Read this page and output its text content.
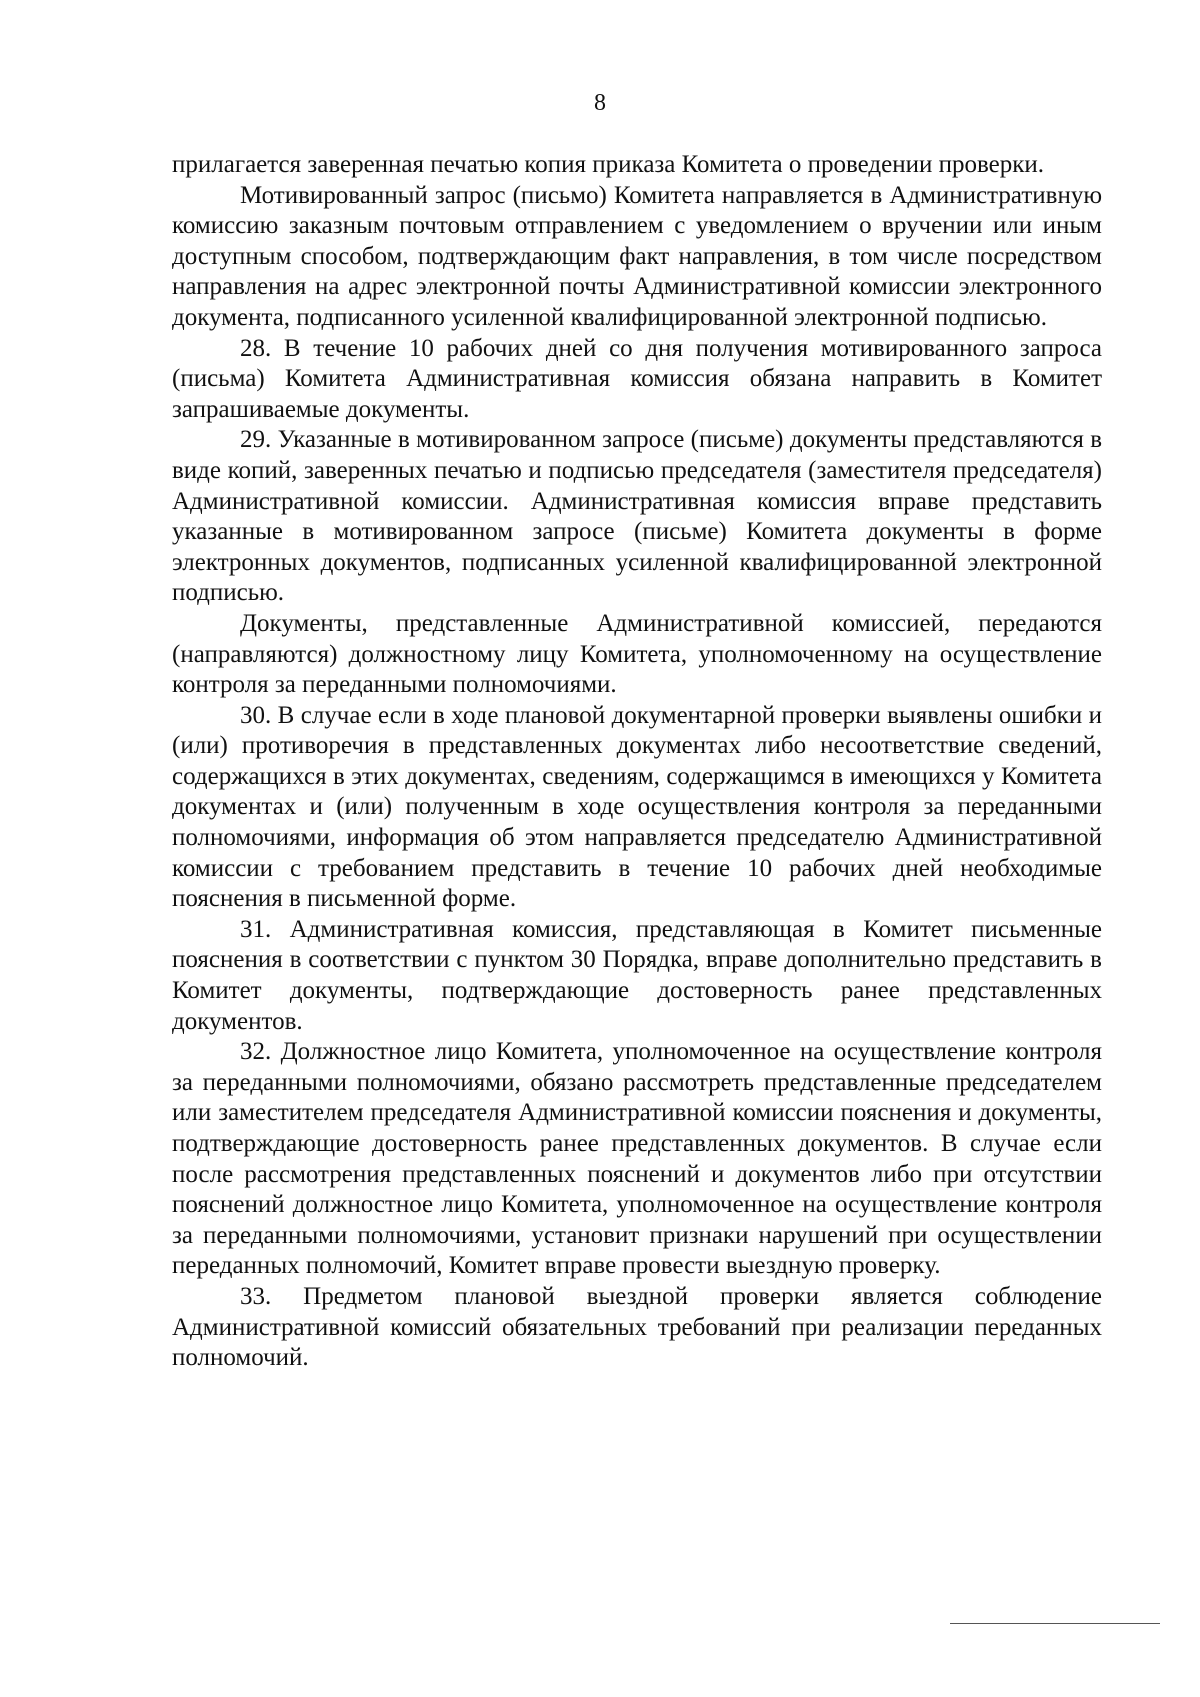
8

прилагается заверенная печатью копия приказа Комитета о проведении проверки.

Мотивированный запрос (письмо) Комитета направляется в Административную комиссию заказным почтовым отправлением с уведомлением о вручении или иным доступным способом, подтверждающим факт направления, в том числе посредством направления на адрес электронной почты Административной комиссии электронного документа, подписанного усиленной квалифицированной электронной подписью.

28. В течение 10 рабочих дней со дня получения мотивированного запроса (письма) Комитета Административная комиссия обязана направить в Комитет запрашиваемые документы.

29. Указанные в мотивированном запросе (письме) документы представляются в виде копий, заверенных печатью и подписью председателя (заместителя председателя) Административной комиссии. Административная комиссия вправе представить указанные в мотивированном запросе (письме) Комитета документы в форме электронных документов, подписанных усиленной квалифицированной электронной подписью.

Документы, представленные Административной комиссией, передаются (направляются) должностному лицу Комитета, уполномоченному на осуществление контроля за переданными полномочиями.

30. В случае если в ходе плановой документарной проверки выявлены ошибки и (или) противоречия в представленных документах либо несоответствие сведений, содержащихся в этих документах, сведениям, содержащимся в имеющихся у Комитета документах и (или) полученным в ходе осуществления контроля за переданными полномочиями, информация об этом направляется председателю Административной комиссии с требованием представить в течение 10 рабочих дней необходимые пояснения в письменной форме.

31. Административная комиссия, представляющая в Комитет письменные пояснения в соответствии с пунктом 30 Порядка, вправе дополнительно представить в Комитет документы, подтверждающие достоверность ранее представленных документов.

32. Должностное лицо Комитета, уполномоченное на осуществление контроля за переданными полномочиями, обязано рассмотреть представленные председателем или заместителем председателя Административной комиссии пояснения и документы, подтверждающие достоверность ранее представленных документов. В случае если после рассмотрения представленных пояснений и документов либо при отсутствии пояснений должностное лицо Комитета, уполномоченное на осуществление контроля за переданными полномочиями, установит признаки нарушений при осуществлении переданных полномочий, Комитет вправе провести выездную проверку.

33. Предметом плановой выездной проверки является соблюдение Административной комиссий обязательных требований при реализации переданных полномочий.
